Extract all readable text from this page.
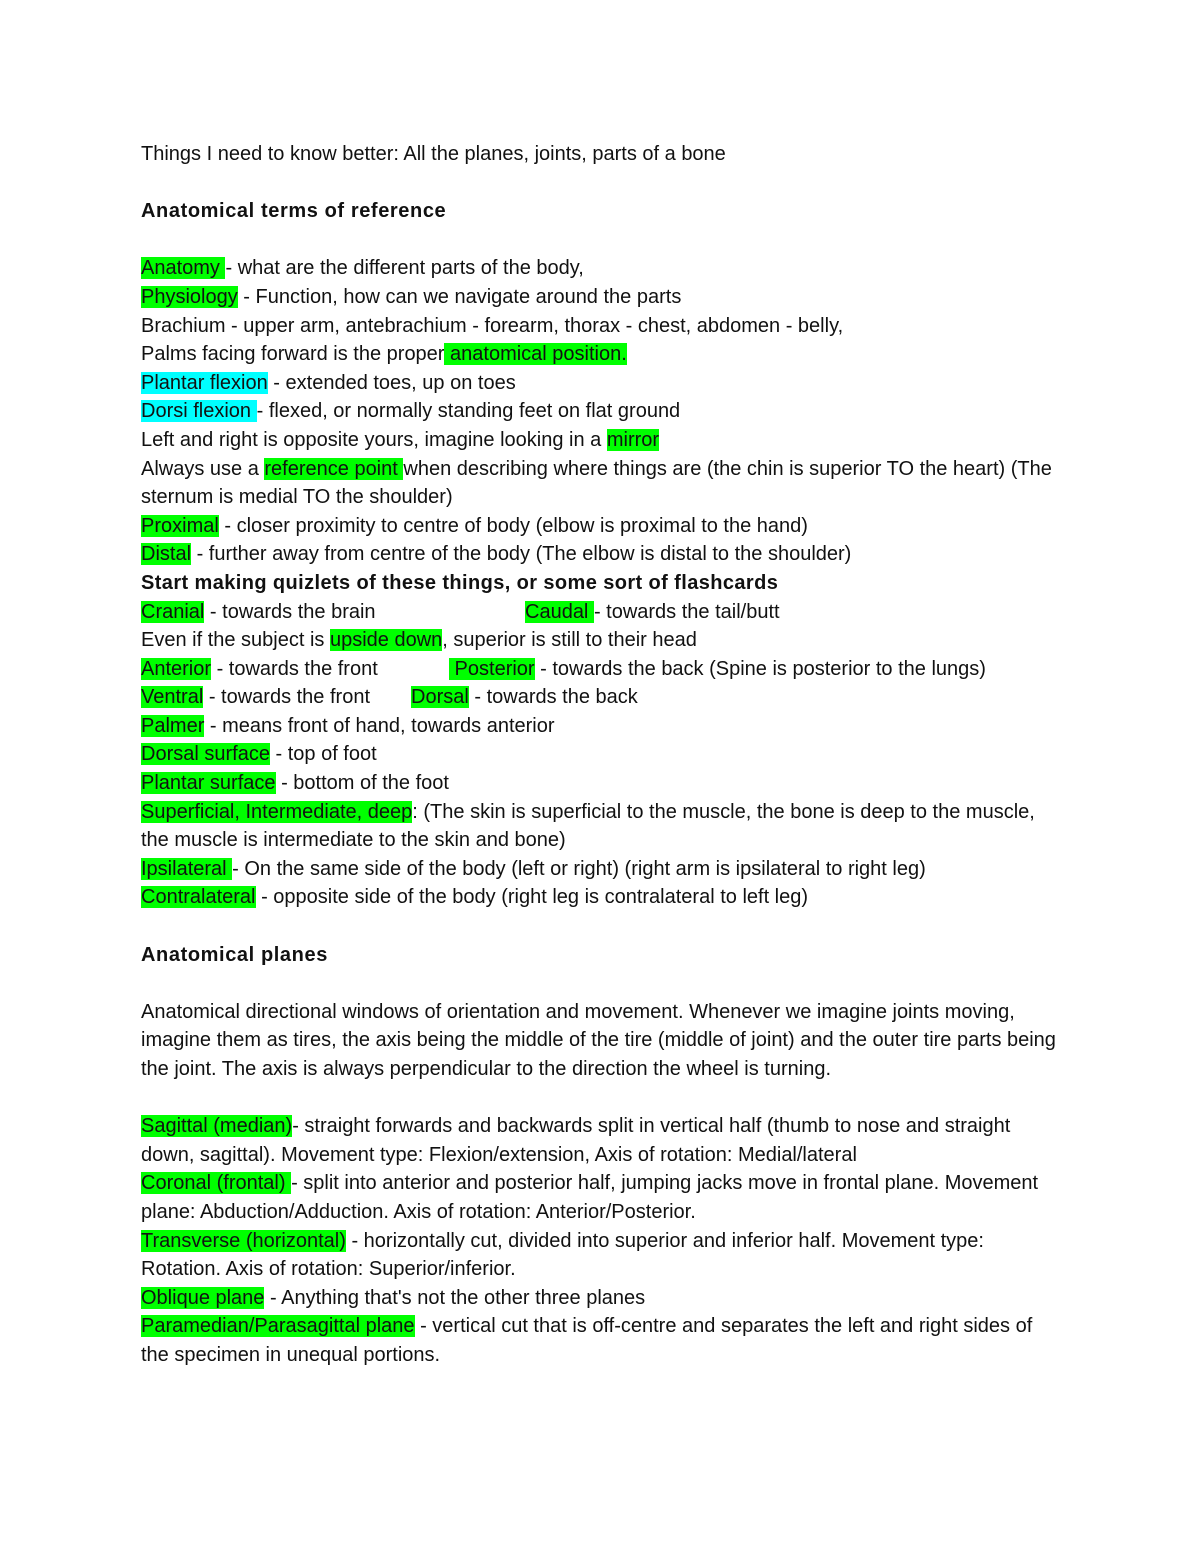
Things I need to know better: All the planes, joints, parts of a bone

Anatomical terms of reference

Anatomy - what are the different parts of the body,

Physiology - Function, how can we navigate around the parts

Brachium - upper arm, antebrachium - forearm, thorax - chest, abdomen - belly,

Palms facing forward is the proper anatomical position.

Plantar flexion - extended toes, up on toes

Dorsi flexion - flexed, or normally standing feet on flat ground

Left and right is opposite yours, imagine looking in a mirror

Always use a reference point when describing where things are (the chin is superior TO the heart) (The sternum is medial TO the shoulder)

Proximal - closer proximity to centre of body (elbow is proximal to the hand)

Distal - further away from centre of the body (The elbow is distal to the shoulder)

Start making quizlets of these things, or some sort of flashcards

Cranial - towards the brain	Caudal - towards the tail/butt

Even if the subject is upside down, superior is still to their head

Anterior - towards the front	Posterior - towards the back (Spine is posterior to the lungs)

Ventral - towards the front Dorsal - towards the back

Palmer - means front of hand, towards anterior

Dorsal surface - top of foot

Plantar surface - bottom of the foot

Superficial, Intermediate, deep: (The skin is superficial to the muscle, the bone is deep to the muscle, the muscle is intermediate to the skin and bone)

Ipsilateral - On the same side of the body (left or right) (right arm is ipsilateral to right leg)

Contralateral - opposite side of the body (right leg is contralateral to left leg)

Anatomical planes

Anatomical directional windows of orientation and movement. Whenever we imagine joints moving, imagine them as tires, the axis being the middle of the tire (middle of joint) and the outer tire parts being the joint. The axis is always perpendicular to the direction the wheel is turning.

Sagittal (median)- straight forwards and backwards split in vertical half (thumb to nose and straight down, sagittal). Movement type: Flexion/extension, Axis of rotation: Medial/lateral

Coronal (frontal) - split into anterior and posterior half, jumping jacks move in frontal plane. Movement plane: Abduction/Adduction. Axis of rotation: Anterior/Posterior.

Transverse (horizontal) - horizontally cut, divided into superior and inferior half. Movement type: Rotation. Axis of rotation: Superior/inferior.

Oblique plane - Anything that's not the other three planes

Paramedian/Parasagittal plane - vertical cut that is off-centre and separates the left and right sides of the specimen in unequal portions.
